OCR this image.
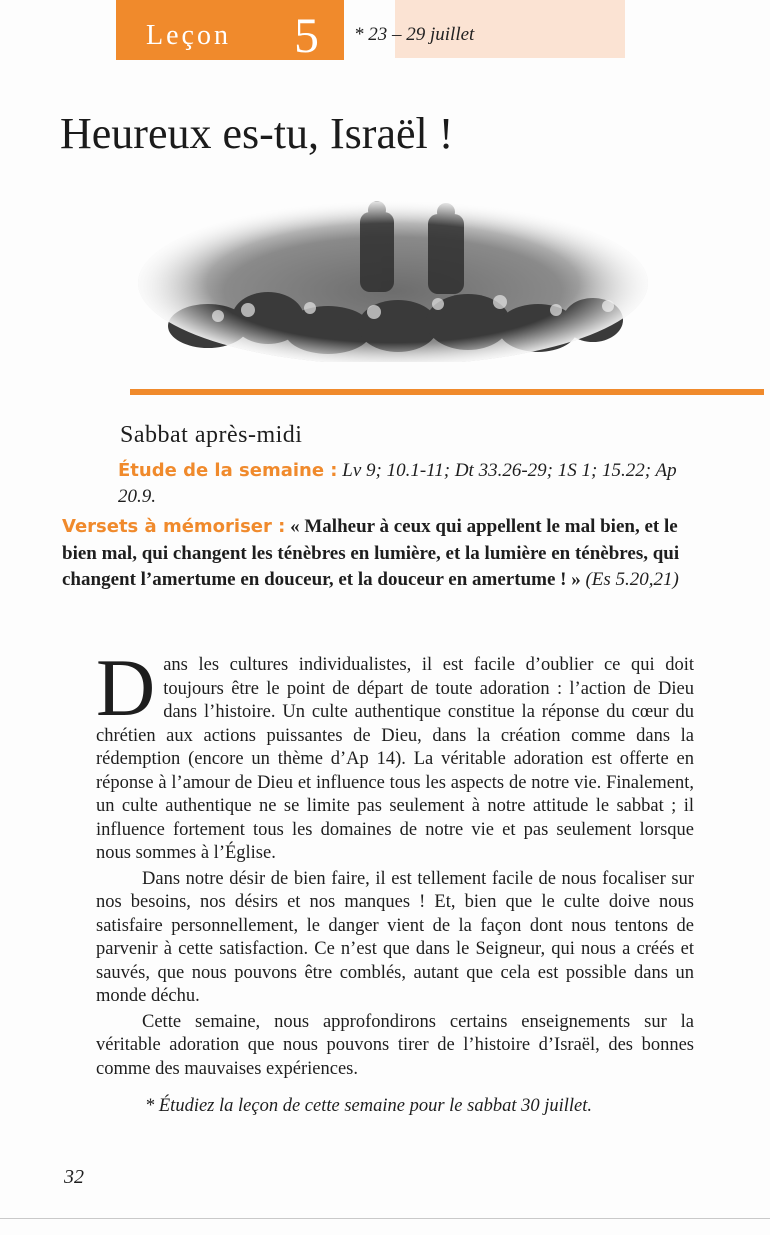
Leçon 5 * 23 – 29 juillet
Heureux es-tu, Israël !
Sabbat après-midi
Étude de la semaine : Lv 9; 10.1-11; Dt 33.26-29; 1S 1; 15.22; Ap 20.9.
Versets à mémoriser : « Malheur à ceux qui appellent le mal bien, et le bien mal, qui changent les ténèbres en lumière, et la lumière en ténèbres, qui changent l’amertume en douceur, et la douceur en amertume ! » (Es 5.20,21)

Dans les cultures individualistes, il est facile d’oublier ce qui doit toujours être le point de départ de toute adoration : l’action de Dieu dans l’histoire. Un culte authentique constitue la réponse du cœur du chrétien aux actions puissantes de Dieu, dans la création comme dans la rédemption (encore un thème d’Ap 14). La véritable adoration est offerte en réponse à l’amour de Dieu et influence tous les aspects de notre vie. Finalement, un culte authentique ne se limite pas seulement à notre attitude le sabbat ; il influence fortement tous les domaines de notre vie et pas seulement lorsque nous sommes à l’Église.

Dans notre désir de bien faire, il est tellement facile de nous focaliser sur nos besoins, nos désirs et nos manques ! Et, bien que le culte doive nous satisfaire personnellement, le danger vient de la façon dont nous tentons de parvenir à cette satisfaction. Ce n’est que dans le Seigneur, qui nous a créés et sauvés, que nous pouvons être comblés, autant que cela est possible dans un monde déchu.

Cette semaine, nous approfondirons certains enseignements sur la véritable adoration que nous pouvons tirer de l’histoire d’Israël, des bonnes comme des mauvaises expériences.

* Étudiez la leçon de cette semaine pour le sabbat 30 juillet.
32
